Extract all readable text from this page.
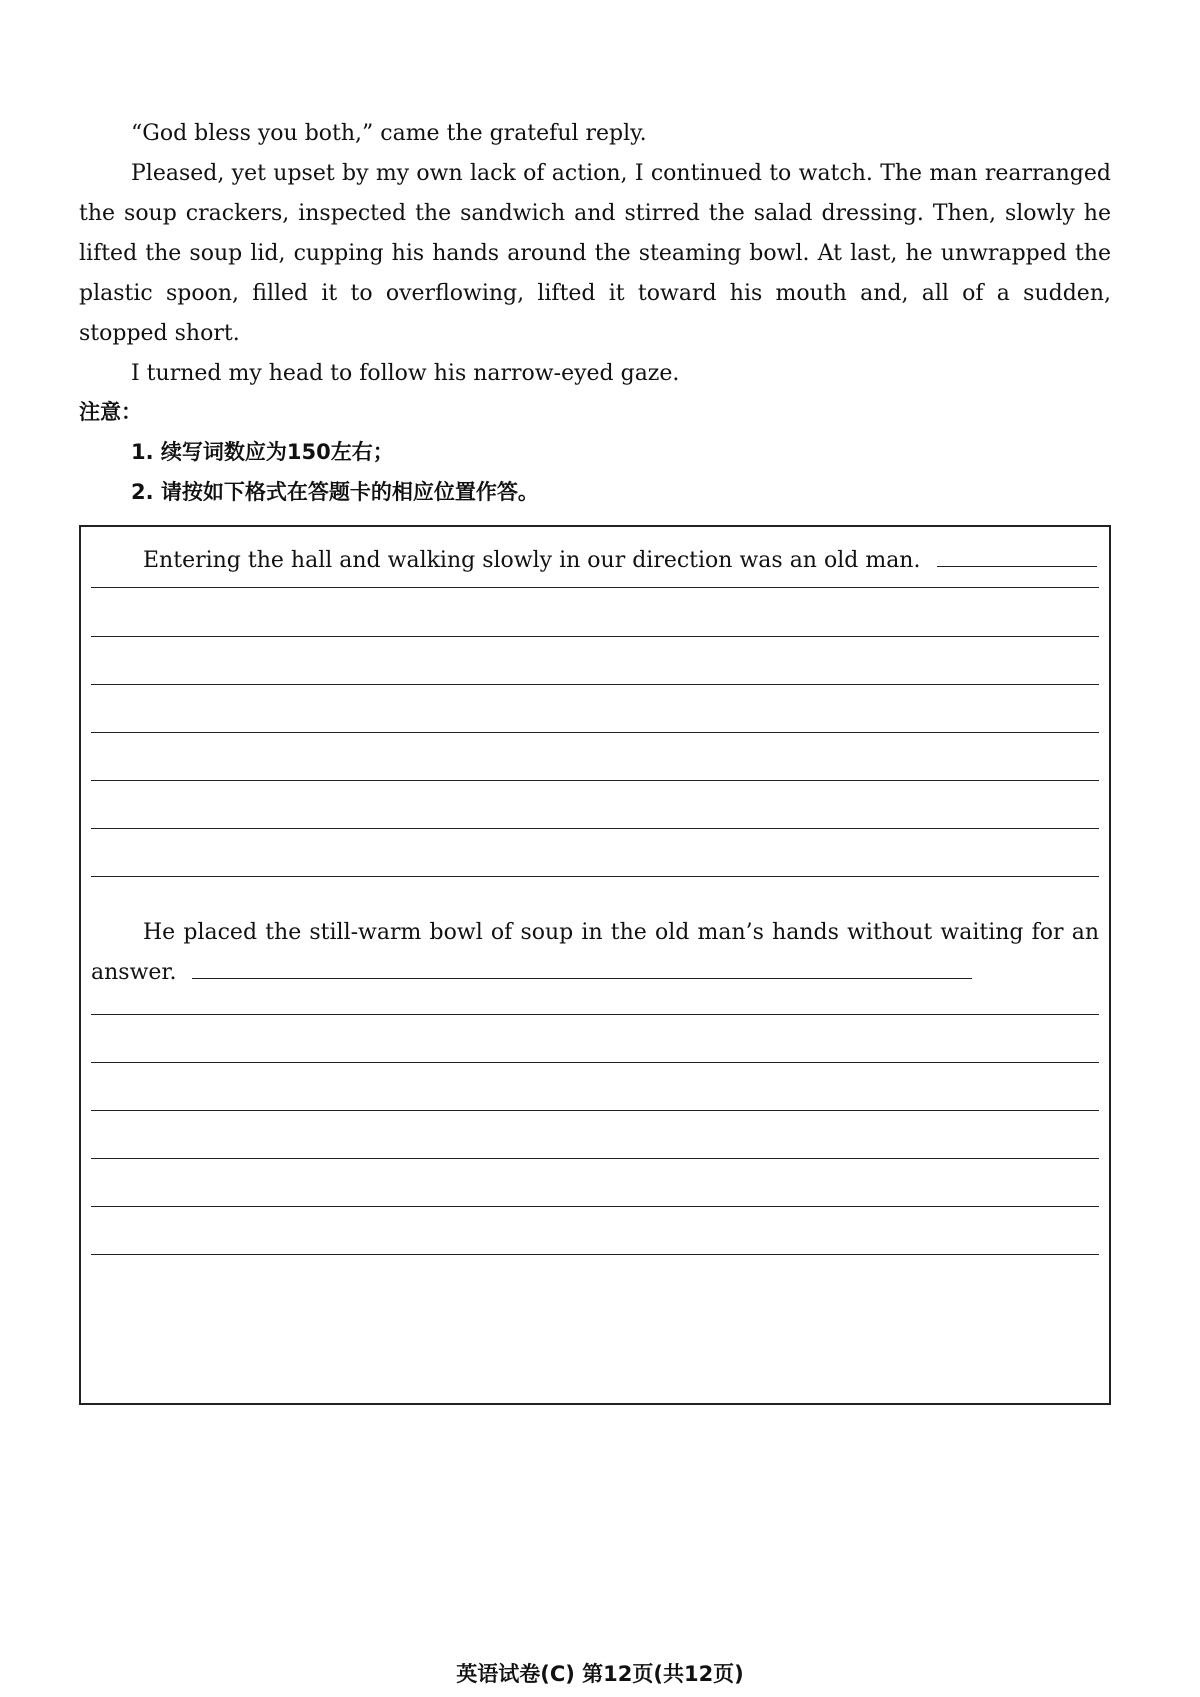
“God bless you both,” came the grateful reply.

Pleased, yet upset by my own lack of action, I continued to watch. The man rearranged the soup crackers, inspected the sandwich and stirred the salad dressing. Then, slowly he lifted the soup lid, cupping his hands around the steaming bowl. At last, he unwrapped the plastic spoon, filled it to overflowing, lifted it toward his mouth and, all of a sudden, stopped short.

I turned my head to follow his narrow-eyed gaze.

注意：
1. 续写词数应为150左右；
2. 请按如下格式在答题卡的相应位置作答。
Entering the hall and walking slowly in our direction was an old man.
He placed the still-warm bowl of soup in the old man’s hands without waiting for an answer.
英语试卷(C) 第12页(共12页)
